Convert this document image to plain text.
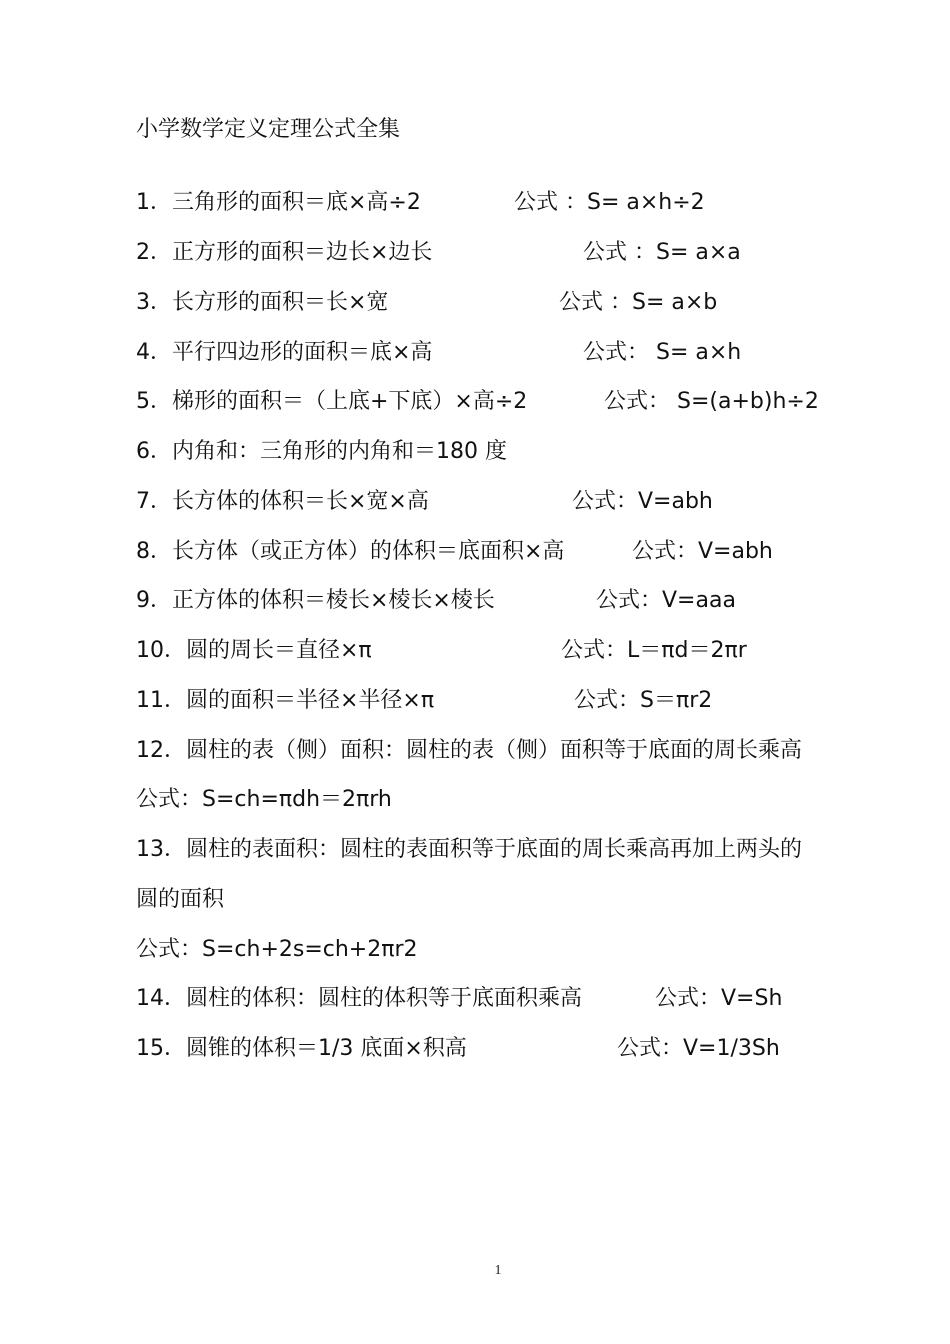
小学数学定义定理公式全集
1．三角形的面积＝底×高÷2	公式 ：S= a×h÷2
2．正方形的面积＝边长×边长	公式 ：S= a×a
3．长方形的面积＝长×宽	公式 ：S= a×b
4．平行四边形的面积＝底×高	公式： S= a×h
5．梯形的面积＝（上底+下底）×高÷2	公式： S=(a+b)h÷2
6．内角和：三角形的内角和＝180 度
7．长方体的体积＝长×宽×高	公式：V=abh
8．长方体（或正方体）的体积＝底面积×高	公式：V=abh
9．正方体的体积＝棱长×棱长×棱长	公式：V=aaa
10．圆的周长＝直径×π	公式：L＝πd＝2πr
11．圆的面积＝半径×半径×π	公式：S＝πr2
12．圆柱的表（侧）面积：圆柱的表（侧）面积等于底面的周长乘高
公式：S=ch=πdh＝2πrh
13．圆柱的表面积：圆柱的表面积等于底面的周长乘高再加上两头的
圆的面积
公式：S=ch+2s=ch+2πr2
14．圆柱的体积：圆柱的体积等于底面积乘高	公式：V=Sh
15．圆锥的体积＝1/3 底面×积高	公式：V=1/3Sh
1
